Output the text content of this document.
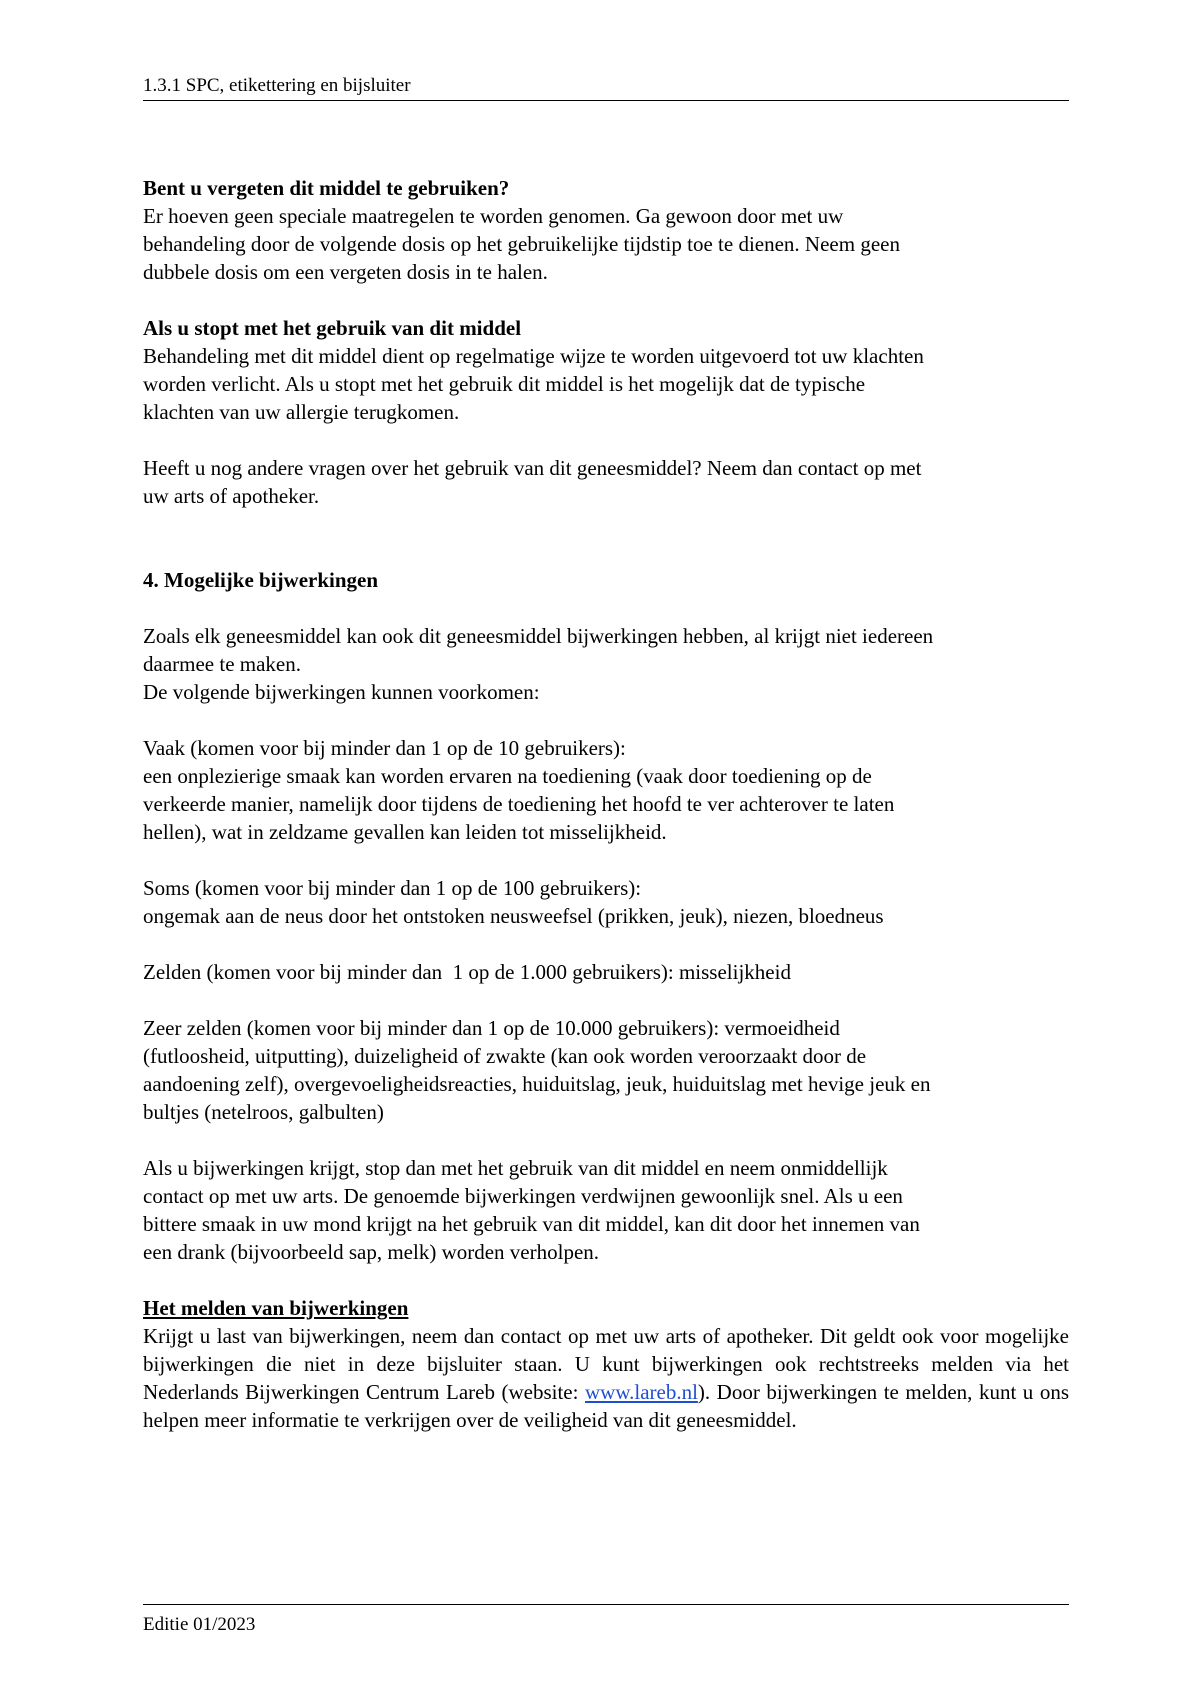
1.3.1 SPC, etikettering en bijsluiter

Bent u vergeten dit middel te gebruiken?

Er hoeven geen speciale maatregelen te worden genomen. Ga gewoon door met uw

behandeling door de volgende dosis op het gebruikelijke tijdstip toe te dienen. Neem geen

dubbele dosis om een vergeten dosis in te halen.

Als u stopt met het gebruik van dit middel

Behandeling met dit middel dient op regelmatige wijze te worden uitgevoerd tot uw klachten

worden verlicht. Als u stopt met het gebruik dit middel is het mogelijk dat de typische

klachten van uw allergie terugkomen.

Heeft u nog andere vragen over het gebruik van dit geneesmiddel? Neem dan contact op met

uw arts of apotheker.

4. Mogelijke bijwerkingen

Zoals elk geneesmiddel kan ook dit geneesmiddel bijwerkingen hebben, al krijgt niet iedereen

daarmee te maken.

De volgende bijwerkingen kunnen voorkomen:

Vaak (komen voor bij minder dan 1 op de 10 gebruikers):

een onplezierige smaak kan worden ervaren na toediening (vaak door toediening op de

verkeerde manier, namelijk door tijdens de toediening het hoofd te ver achterover te laten

hellen), wat in zeldzame gevallen kan leiden tot misselijkheid.

Soms (komen voor bij minder dan 1 op de 100 gebruikers):

ongemak aan de neus door het ontstoken neusweefsel (prikken, jeuk), niezen, bloedneus

Zelden (komen voor bij minder dan  1 op de 1.000 gebruikers): misselijkheid

Zeer zelden (komen voor bij minder dan 1 op de 10.000 gebruikers): vermoeidheid

(futloosheid, uitputting), duizeligheid of zwakte (kan ook worden veroorzaakt door de

aandoening zelf), overgevoeligheidsreacties, huiduitslag, jeuk, huiduitslag met hevige jeuk en

bultjes (netelroos, galbulten)

Als u bijwerkingen krijgt, stop dan met het gebruik van dit middel en neem onmiddellijk

contact op met uw arts. De genoemde bijwerkingen verdwijnen gewoonlijk snel. Als u een

bittere smaak in uw mond krijgt na het gebruik van dit middel, kan dit door het innemen van

een drank (bijvoorbeeld sap, melk) worden verholpen.

Het melden van bijwerkingen

Krijgt u last van bijwerkingen, neem dan contact op met uw arts of apotheker. Dit geldt ook voor mogelijke bijwerkingen die niet in deze bijsluiter staan. U kunt bijwerkingen ook rechtstreeks melden via het Nederlands Bijwerkingen Centrum Lareb (website: www.lareb.nl). Door bijwerkingen te melden, kunt u ons helpen meer informatie te verkrijgen over de veiligheid van dit geneesmiddel.

Editie 01/2023
